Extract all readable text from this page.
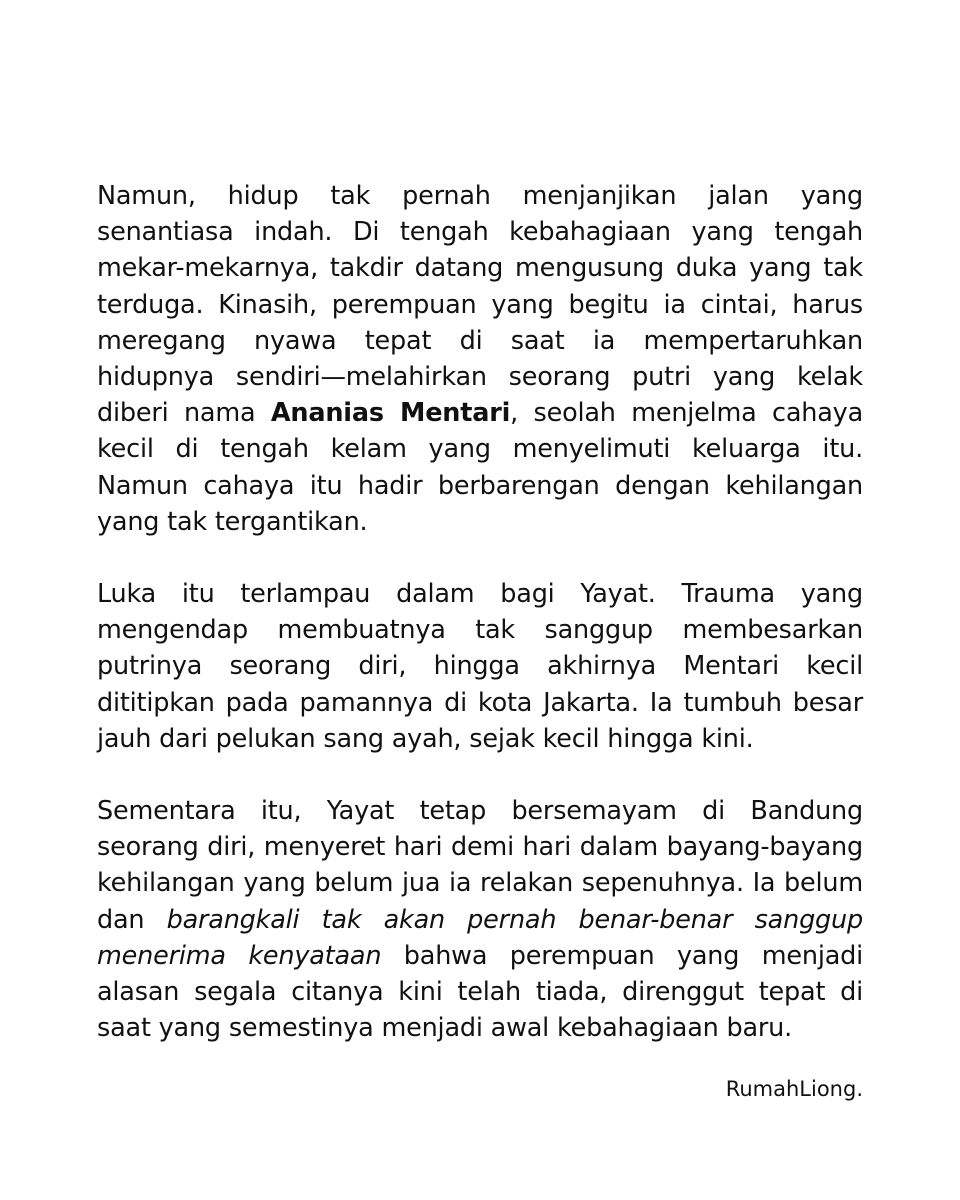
Namun, hidup tak pernah menjanjikan jalan yang senantiasa indah. Di tengah kebahagiaan yang tengah mekar-mekarnya, takdir datang mengusung duka yang tak terduga. Kinasih, perempuan yang begitu ia cintai, harus meregang nyawa tepat di saat ia mempertaruhkan hidupnya sendiri—melahirkan seorang putri yang kelak diberi nama Ananias Mentari, seolah menjelma cahaya kecil di tengah kelam yang menyelimuti keluarga itu. Namun cahaya itu hadir berbarengan dengan kehilangan yang tak tergantikan.

Luka itu terlampau dalam bagi Yayat. Trauma yang mengendap membuatnya tak sanggup membesarkan putrinya seorang diri, hingga akhirnya Mentari kecil dititipkan pada pamannya di kota Jakarta. Ia tumbuh besar jauh dari pelukan sang ayah, sejak kecil hingga kini.

Sementara itu, Yayat tetap bersemayam di Bandung seorang diri, menyeret hari demi hari dalam bayang-bayang kehilangan yang belum jua ia relakan sepenuhnya. Ia belum dan barangkali tak akan pernah benar-benar sanggup menerima kenyataan bahwa perempuan yang menjadi alasan segala citanya kini telah tiada, direnggut tepat di saat yang semestinya menjadi awal kebahagiaan baru.

RumahLiong.
